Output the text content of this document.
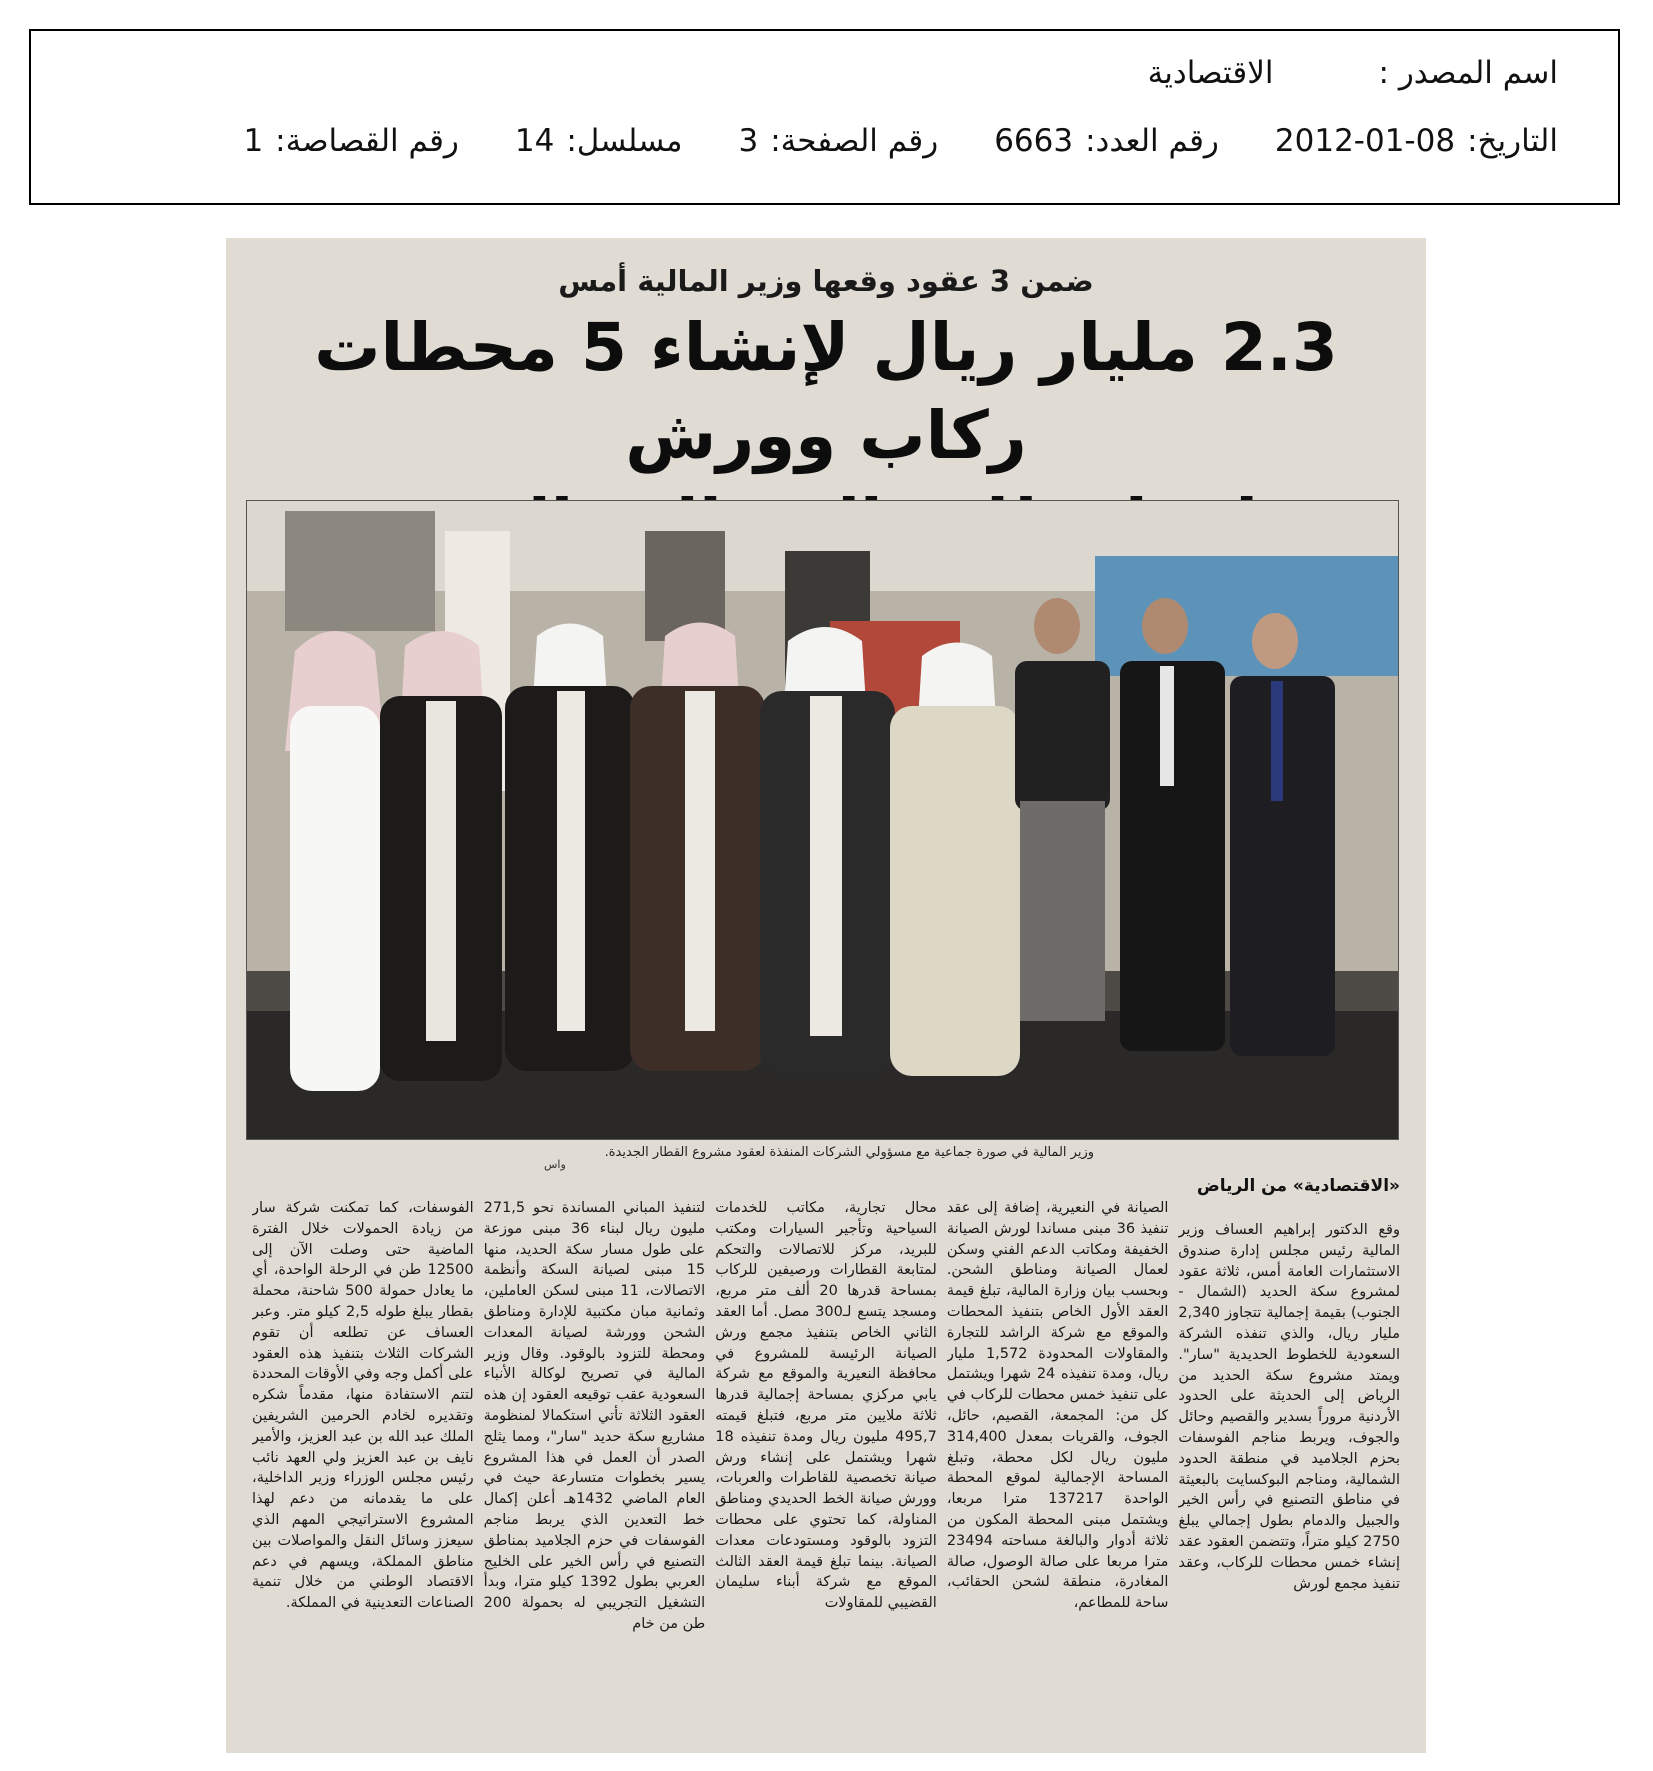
اسم المصدر :
الاقتصادية
التاريخ:
2012-01-08
رقم العدد:
6663
رقم الصفحة:
3
مسلسل:
14
رقم القصاصة:
1
ضمن 3 عقود وقعها وزير المالية أمس
2.3 مليار ريال لإنشاء 5 محطات ركاب وورش
وزير المالية في صورة جماعية مع مسؤولي الشركات المنفذة لعقود مشروع القطار الجديدة.
واس
«الاقتصادية» من الرياض
وقع الدكتور إبراهيم العساف وزير المالية رئيس مجلس إدارة صندوق الاستثمارات العامة أمس، ثلاثة عقود لمشروع سكة الحديد (الشمال - الجنوب) بقيمة إجمالية تتجاوز 2,340 مليار ريال، والذي تنفذه الشركة السعودية للخطوط الحديدية "سار". ويمتد مشروع سكة الحديد من الرياض إلى الحديثة على الحدود الأردنية مروراً بسدير والقصيم وحائل والجوف، ويربط مناجم الفوسفات بحزم الجلاميد في منطقة الحدود الشمالية، ومناجم البوكسايت بالبعيثة في مناطق التصنيع في رأس الخير والجبيل والدمام بطول إجمالي يبلغ 2750 كيلو متراً، وتتضمن العقود عقد إنشاء خمس محطات للركاب، وعقد تنفيذ مجمع لورش
الصيانة في النعيرية، إضافة إلى عقد تنفيذ 36 مبنى مساندا لورش الصيانة الخفيفة ومكاتب الدعم الفني وسكن لعمال الصيانة ومناطق الشحن. وبحسب بيان وزارة المالية، تبلغ قيمة العقد الأول الخاص بتنفيذ المحطات والموقع مع شركة الراشد للتجارة والمقاولات المحدودة 1,572 مليار ريال، ومدة تنفيذه 24 شهرا ويشتمل على تنفيذ خمس محطات للركاب في كل من: المجمعة، القصيم، حائل، الجوف، والقريات بمعدل 314,400 مليون ريال لكل محطة، وتبلغ المساحة الإجمالية لموقع المحطة الواحدة 137217 مترا مربعا، ويشتمل مبنى المحطة المكون من ثلاثة أدوار والبالغة مساحته 23494 مترا مربعا على صالة الوصول، صالة المغادرة، منطقة لشحن الحقائب، ساحة للمطاعم،
محال تجارية، مكاتب للخدمات السياحية وتأجير السيارات ومكتب للبريد، مركز للاتصالات والتحكم لمتابعة القطارات ورصيفين للركاب بمساحة قدرها 20 ألف متر مربع، ومسجد يتسع لـ300 مصل. أما العقد الثاني الخاص بتنفيذ مجمع ورش الصيانة الرئيسة للمشروع في محافظة النعيرية والموقع مع شركة يابي مركزي بمساحة إجمالية قدرها ثلاثة ملايين متر مربع، فتبلغ قيمته 495,7 مليون ريال ومدة تنفيذه 18 شهرا ويشتمل على إنشاء ورش صيانة تخصصية للقاطرات والعربات، وورش صيانة الخط الحديدي ومناطق المناولة، كما تحتوي على محطات التزود بالوقود ومستودعات معدات الصيانة. بينما تبلغ قيمة العقد الثالث الموقع مع شركة أبناء سليمان القضيبي للمقاولات
لتنفيذ المباني المساندة نحو 271,5 مليون ريال لبناء 36 مبنى موزعة على طول مسار سكة الحديد، منها 15 مبنى لصيانة السكة وأنظمة الاتصالات، 11 مبنى لسكن العاملين، وثمانية مبان مكتبية للإدارة ومناطق الشحن وورشة لصيانة المعدات ومحطة للتزود بالوقود. وقال وزير المالية في تصريح لوكالة الأنباء السعودية عقب توقيعه العقود إن هذه العقود الثلاثة تأتي استكمالا لمنظومة مشاريع سكة حديد "سار"، ومما يثلج الصدر أن العمل في هذا المشروع يسير بخطوات متسارعة حيث في العام الماضي 1432هـ أعلن إكمال خط التعدين الذي يربط مناجم الفوسفات في حزم الجلاميد بمناطق التصنيع في رأس الخير على الخليج العربي بطول 1392 كيلو مترا، وبدأ التشغيل التجريبي له بحمولة 200 طن من خام
الفوسفات، كما تمكنت شركة سار من زيادة الحمولات خلال الفترة الماضية حتى وصلت الآن إلى 12500 طن في الرحلة الواحدة، أي ما يعادل حمولة 500 شاحنة، محملة بقطار يبلغ طوله 2,5 كيلو متر. وعبر العساف عن تطلعه أن تقوم الشركات الثلاث بتنفيذ هذه العقود على أكمل وجه وفي الأوقات المحددة لتتم الاستفادة منها، مقدماً شكره وتقديره لخادم الحرمين الشريفين الملك عبد الله بن عبد العزيز، والأمير نايف بن عبد العزيز ولي العهد نائب رئيس مجلس الوزراء وزير الداخلية، على ما يقدمانه من دعم لهذا المشروع الاستراتيجي المهم الذي سيعزز وسائل النقل والمواصلات بين مناطق المملكة، ويسهم في دعم الاقتصاد الوطني من خلال تنمية الصناعات التعدينية في المملكة.
